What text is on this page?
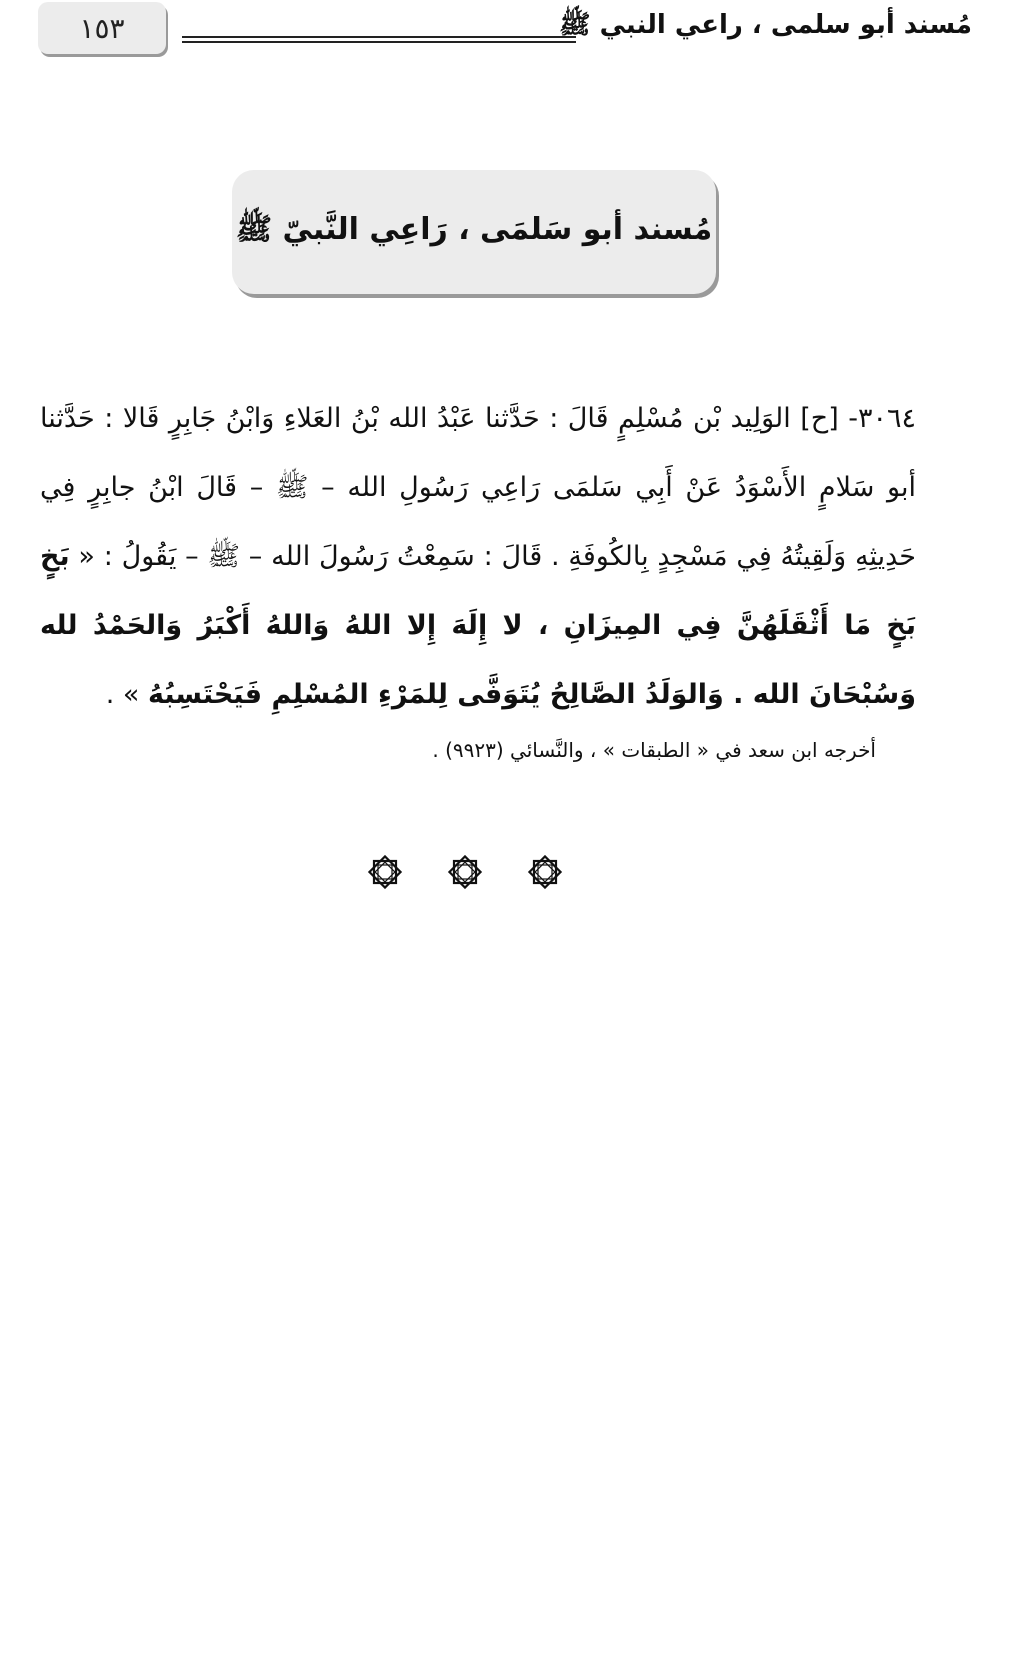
١٥٣	مُسند أبو سلمى ، راعي النبي ﷺ
مُسند أبو سَلمَى ، رَاعِي النَّبيّ ﷺ
٣٠٦٤- [ح] الوَلِيد بْن مُسْلِمٍ قَالَ : حَدَّثنا عَبْدُ الله بْنُ العَلاءِ وَابْنُ جَابِرٍ قَالا : حَدَّثنا أبو سَلامٍ الأَسْوَدُ عَنْ أَبِي سَلمَى رَاعِي رَسُولِ الله – ﷺ – قَالَ ابْنُ جابِرٍ فِي حَدِيثِهِ وَلَقِيتُهُ فِي مَسْجِدٍ بِالكُوفَةِ . قَالَ : سَمِعْتُ رَسُولَ الله – ﷺ – يَقُولُ : « بَخٍ بَخٍ مَا أَثْقَلَهُنَّ فِي المِيزَانِ ، لا إِلَهَ إِلا اللهُ وَاللهُ أَكْبَرُ وَالحَمْدُ لله وَسُبْحَانَ الله . وَالوَلَدُ الصَّالِحُ يُتَوَفَّى لِلمَرْءِ المُسْلِمِ فَيَحْتَسِبُهُ » .
أخرجه ابن سعد في « الطبقات » ، والنَّسائي (٩٩٢٣) .
